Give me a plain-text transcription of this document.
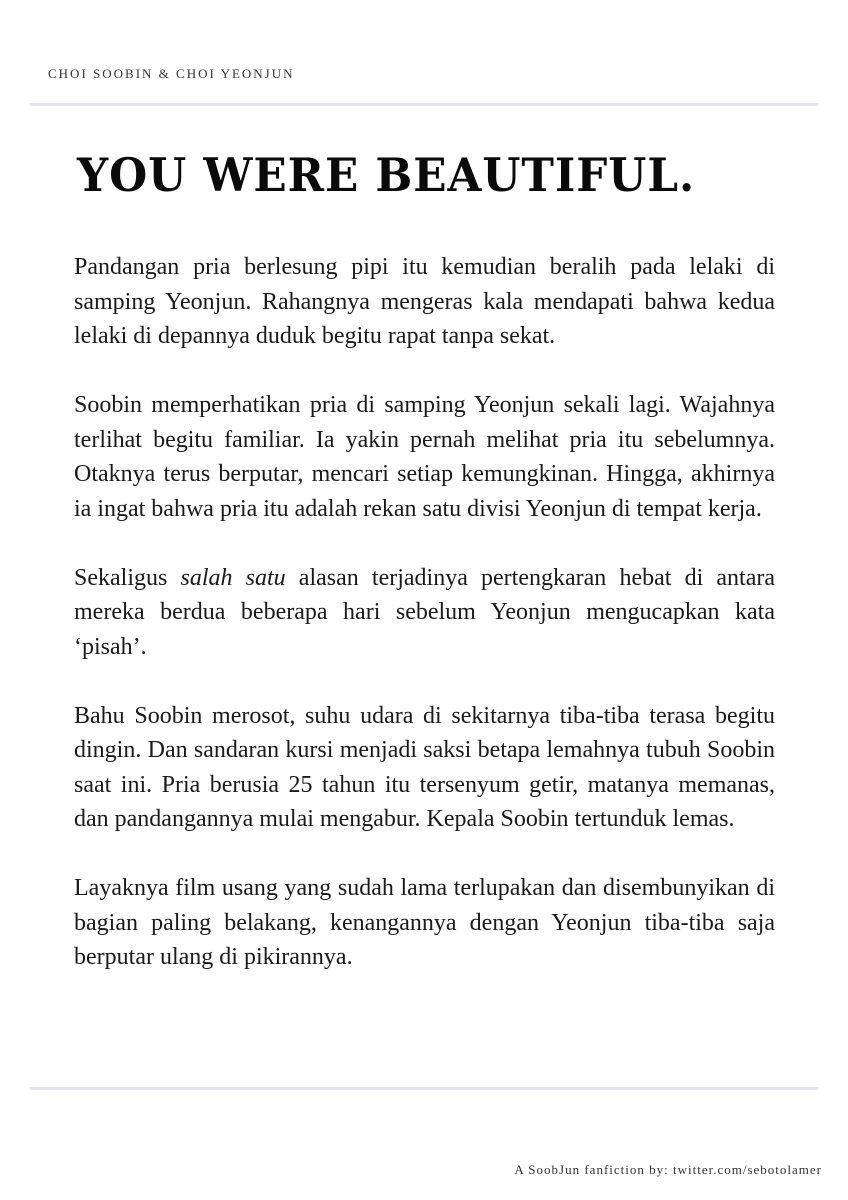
CHOI SOOBIN & CHOI YEONJUN
YOU WERE BEAUTIFUL.

Pandangan pria berlesung pipi itu kemudian beralih pada lelaki di samping Yeonjun. Rahangnya mengeras kala mendapati bahwa kedua lelaki di depannya duduk begitu rapat tanpa sekat.

Soobin memperhatikan pria di samping Yeonjun sekali lagi. Wajahnya terlihat begitu familiar. Ia yakin pernah melihat pria itu sebelumnya. Otaknya terus berputar, mencari setiap kemungkinan. Hingga, akhirnya ia ingat bahwa pria itu adalah rekan satu divisi Yeonjun di tempat kerja.

Sekaligus salah satu alasan terjadinya pertengkaran hebat di antara mereka berdua beberapa hari sebelum Yeonjun mengucapkan kata ‘pisah’.

Bahu Soobin merosot, suhu udara di sekitarnya tiba-tiba terasa begitu dingin. Dan sandaran kursi menjadi saksi betapa lemahnya tubuh Soobin saat ini. Pria berusia 25 tahun itu tersenyum getir, matanya memanas, dan pandangannya mulai mengabur. Kepala Soobin tertunduk lemas.

Layaknya film usang yang sudah lama terlupakan dan disembunyikan di bagian paling belakang, kenangannya dengan Yeonjun tiba-tiba saja berputar ulang di pikirannya.

A SoobJun fanfiction by: twitter.com/sebotolamer
